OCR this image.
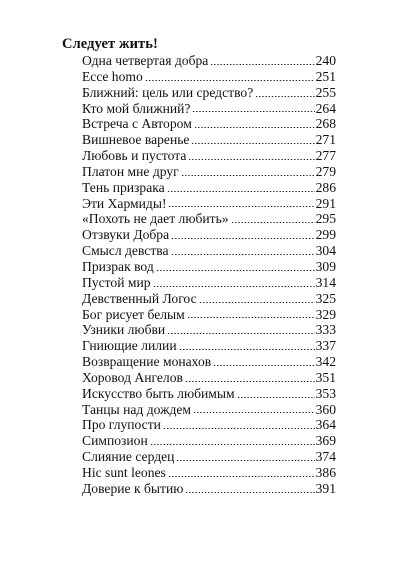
Следует жить!
Одна четвертая добра	240
Ecce homo	251
Ближний: цель или средство?	255
Кто мой ближний?	264
Встреча с Автором	268
Вишневое варенье	271
Любовь и пустота	277
Платон мне друг	279
Тень призрака	286
Эти Хармиды!	291
«Похоть не дает любить»	295
Отзвуки Добра	299
Смысл девства	304
Призрак вод	309
Пустой мир	314
Девственный Логос	325
Бог рисует белым	329
Узники любви	333
Гниющие лилии	337
Возвращение монахов	342
Хоровод Ангелов	351
Искусство быть любимым	353
Танцы над дождем	360
Про глупости	364
Симпозион	369
Слияние сердец	374
Hic sunt leones	386
Доверие к бытию	391
